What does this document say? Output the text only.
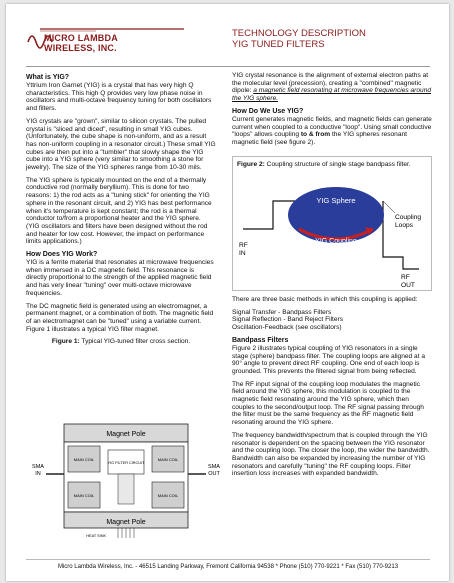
MICRO LAMBDA
WIRELESS, INC.
TECHNOLOGY DESCRIPTION
YIG TUNED FILTERS
What is YIG?

Yttrium Iron Garnet (YIG) is a crystal that has very high Q characteristics. This high Q provides very low phase noise in oscillators and multi-octave frequency tuning for both oscillators and filters.

YIG crystals are "grown", similar to silicon crystals. The pulled crystal is "sliced and diced", resulting in small YIG cubes. (Unfortunately, the cube shape is non-uniform, and as a result has non-uniform coupling in a resonator circuit.) These small YIG cubes are then put into a "tumbler" that slowly shape the YIG cube into a YIG sphere (very similar to smoothing a stone for jewelry). The size of the YIG spheres range from 10-30 mils.

The YIG sphere is typically mounted on the end of a thermally conductive rod (normally beryllium). This is done for two reasons: 1) the rod acts as a "tuning stick" for orienting the YIG sphere in the resonant circuit, and 2) YIG has best performance when it's temperature is kept constant; the rod is a thermal conductor to/from a proportional heater and the YIG sphere. (YIG oscillators and filters have been designed without the rod and heater for low cost. However, the impact on performance limits applications.)

How Does YIG Work?

YIG is a ferrite material that resonates at microwave frequencies when immersed in a DC magnetic field. This resonance is directly proportional to the strength of the applied magnetic field and has very linear "tuning" over multi-octave microwave frequencies.

The DC magnetic field is generated using an electromagnet, a permanent magnet, or a combination of both. The magnetic field of an electromagnet can be "tuned" using a variable current. Figure 1 illustrates a typical YIG filter magnet.

Figure 1: Typical YIG-tuned filter cross section.
Magnet Pole
MAIN COIL	MAIN COIL
MAIN COIL	MAIN COIL
YIG FILTER CIRCUIT
SMA
IN
SMA
OUT
Magnet Pole
HEAT SINK

YIG crystal resonance is the alignment of external electron paths at the molecular level (precession), creating a "combined" magnetic dipole: a magnetic field resonating at microwave frequencies around the YIG sphere.

How Do We Use YIG?

Current generates magnetic fields, and magnetic fields can generate current when coupled to a conductive "loop". Using small conductive "loops" allows coupling to & from the YIG spheres resonant magnetic field (see figure 2).

Figure 2: Coupling structure of single stage bandpass filter.
YIG Sphere
YIG Coupling
Coupling
Loops
RF
IN
RF
OUT

There are three basic methods in which this coupling is applied:

Signal Transfer - Bandpass Filters
Signal Reflection - Band Reject Filters
Oscillation-Feedback (see oscillators)
Bandpass Filters

Figure 2 illustrates typical coupling of YIG resonators in a single stage (sphere) bandpass filter. The coupling loops are aligned at a 90° angle to prevent direct RF coupling. One end of each loop is grounded. This prevents the filtered signal from being reflected.

The RF input signal of the coupling loop modulates the magnetic field around the YIG sphere, this modulation is coupled to the magnetic field resonating around the YIG sphere, which then couples to the second/output loop. The RF signal passing through the filter must be the same frequency as the RF magnetic field resonating around the YIG sphere.

The frequency bandwidth/spectrum that is coupled through the YIG resonator is dependent on the spacing between the YIG resonator and the coupling loop. The closer the loop, the wider the bandwidth. Bandwidth can also be expanded by increasing the number of YIG resonators and carefully "tuning" the RF coupling loops. Filter insertion loss increases with expanded bandwidth.

Micro Lambda Wireless, Inc. - 46515 Landing Parkway, Fremont California 94538 * Phone (510) 770-9221 * Fax (510) 770-9213
